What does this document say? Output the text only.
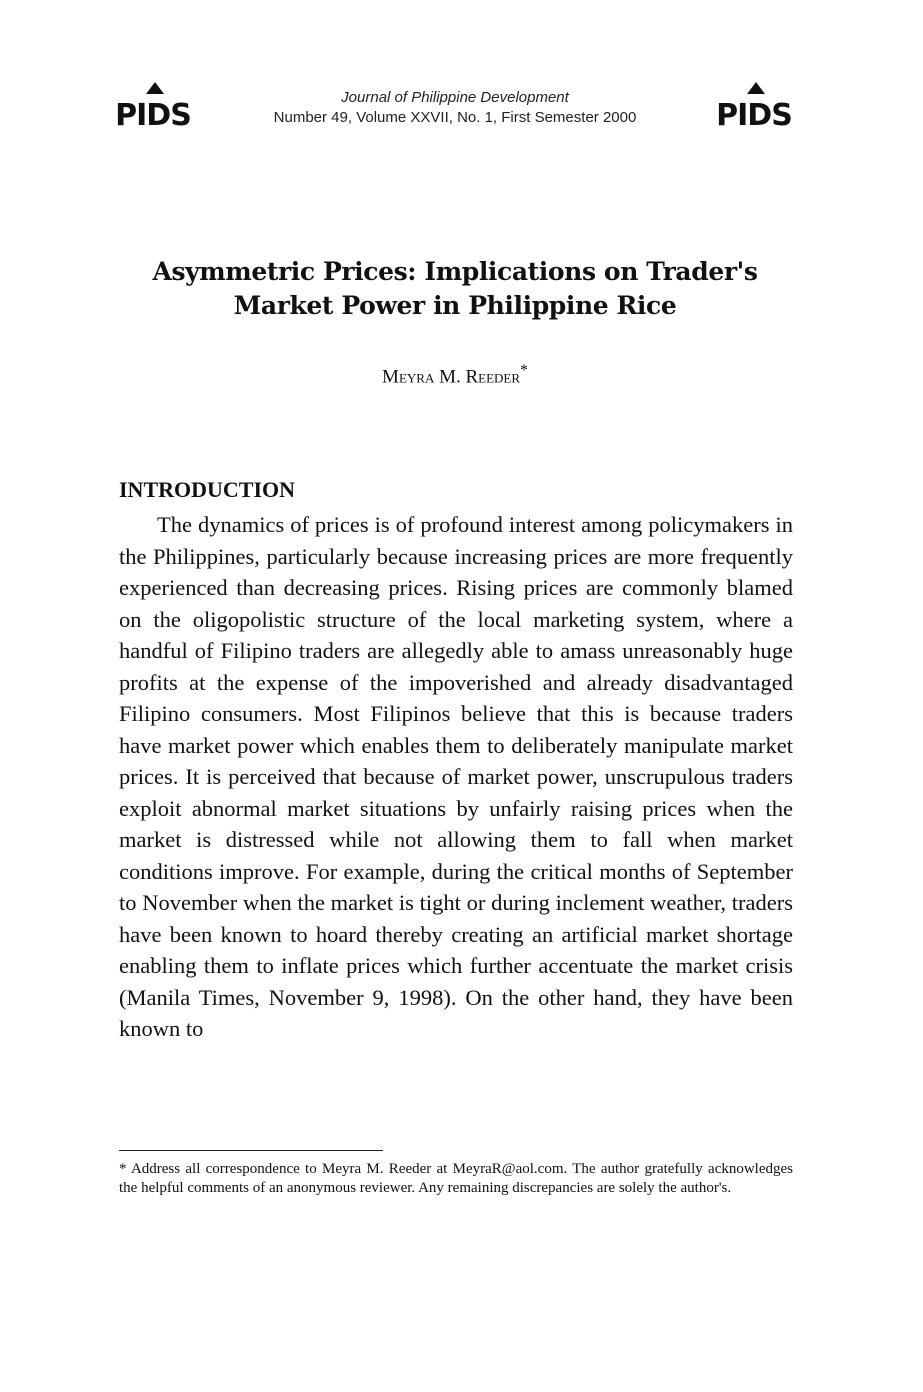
PIDS
Journal of Philippine Development
Number 49, Volume XXVII, No. 1, First Semester 2000	PIDS
Asymmetric Prices: Implications on Trader's
Market Power in Philippine Rice
Meyra M. Reeder*
INTRODUCTION

The dynamics of prices is of profound interest among policymakers in the Philippines, particularly because increasing prices are more frequently experienced than decreasing prices. Rising prices are commonly blamed on the oligopolistic structure of the local marketing system, where a handful of Filipino traders are allegedly able to amass unreasonably huge profits at the expense of the impoverished and already disadvantaged Filipino consumers. Most Filipinos believe that this is because traders have market power which enables them to deliberately manipulate market prices. It is perceived that because of market power, unscrupulous traders exploit abnormal market situations by unfairly raising prices when the market is distressed while not allowing them to fall when market conditions improve. For example, during the critical months of September to November when the market is tight or during inclement weather, traders have been known to hoard thereby creating an artificial market shortage enabling them to inflate prices which further accentuate the market crisis (Manila Times, November 9, 1998). On the other hand, they have been known to

* Address all correspondence to Meyra M. Reeder at MeyraR@aol.com. The author gratefully acknowledges the helpful comments of an anonymous reviewer. Any remaining discrepancies are solely the author's.
